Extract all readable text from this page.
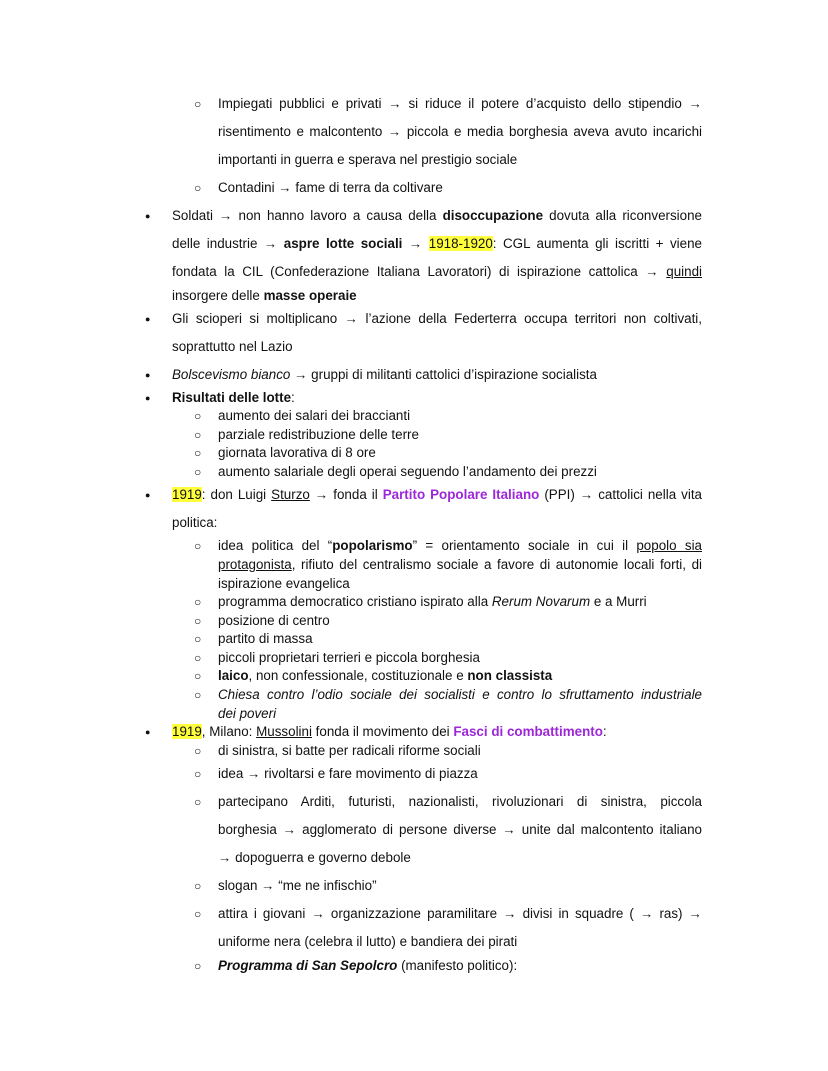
○ Impiegati pubblici e privati → si riduce il potere d’acquisto dello stipendio →
risentimento e malcontento → piccola e media borghesia aveva avuto incarichi
importanti in guerra e sperava nel prestigio sociale
○ Contadini → fame di terra da coltivare
● Soldati → non hanno lavoro a causa della disoccupazione dovuta alla riconversione
delle industrie → aspre lotte sociali → 1918-1920: CGL aumenta gli iscritti + viene
fondata la CIL (Confederazione Italiana Lavoratori) di ispirazione cattolica → quindi
insorgere delle masse operaie
● Gli scioperi si moltiplicano → l’azione della Federterra occupa territori non coltivati,
soprattutto nel Lazio
● Bolscevismo bianco → gruppi di militanti cattolici d’ispirazione socialista
● Risultati delle lotte:
○ aumento dei salari dei braccianti
○ parziale redistribuzione delle terre
○ giornata lavorativa di 8 ore
○ aumento salariale degli operai seguendo l’andamento dei prezzi
● 1919: don Luigi Sturzo → fonda il Partito Popolare Italiano (PPI) → cattolici nella vita
politica:
○ idea politica del “popolarismo” = orientamento sociale in cui il popolo sia
protagonista, rifiuto del centralismo sociale a favore di autonomie locali forti, di
ispirazione evangelica
○ programma democratico cristiano ispirato alla Rerum Novarum e a Murri
○ posizione di centro
○ partito di massa
○ piccoli proprietari terrieri e piccola borghesia
○ laico, non confessionale, costituzionale e non classista
○ Chiesa contro l’odio sociale dei socialisti e contro lo sfruttamento industriale
dei poveri
● 1919, Milano: Mussolini fonda il movimento dei Fasci di combattimento:
○ di sinistra, si batte per radicali riforme sociali
○ idea → rivoltarsi e fare movimento di piazza
○ partecipano Arditi, futuristi, nazionalisti, rivoluzionari di sinistra, piccola
borghesia → agglomerato di persone diverse → unite dal malcontento italiano
→ dopoguerra e governo debole
○ slogan → “me ne infischio”
○ attira i giovani → organizzazione paramilitare → divisi in squadre ( → ras) →
uniforme nera (celebra il lutto) e bandiera dei pirati
○ Programma di San Sepolcro (manifesto politico):
